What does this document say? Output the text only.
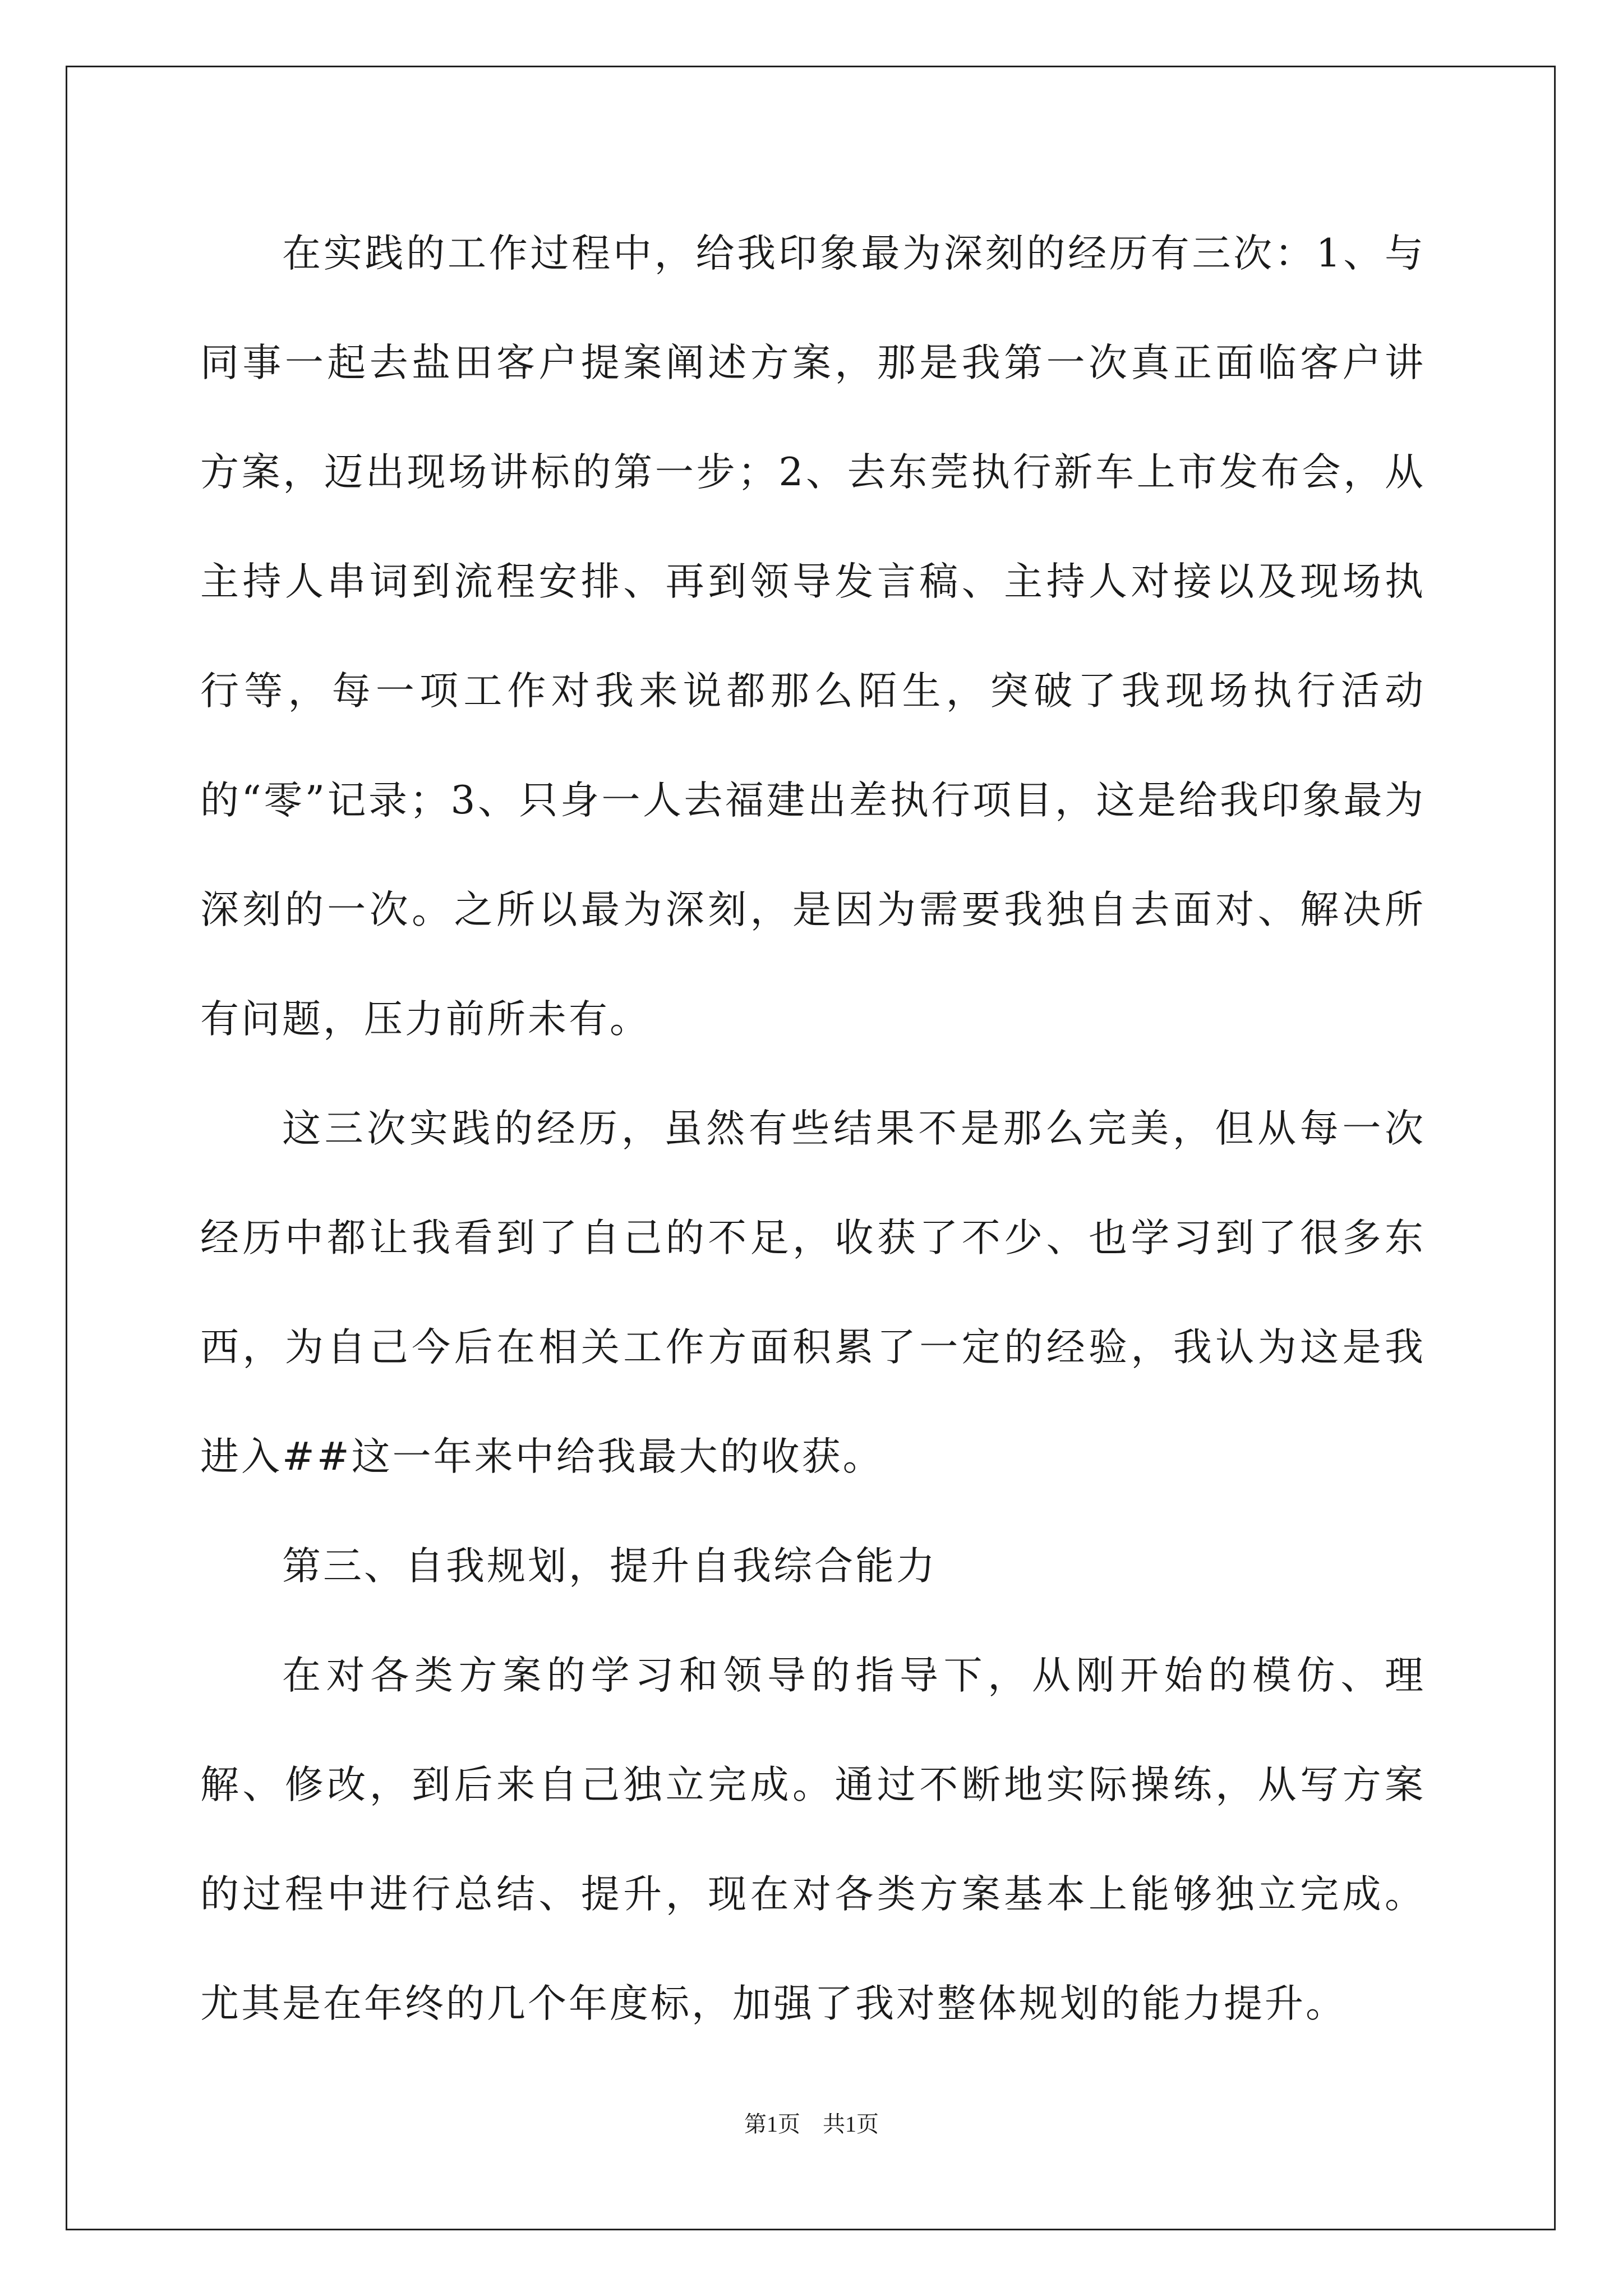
在实践的工作过程中，给我印象最为深刻的经历有三次：1、与同事一起去盐田客户提案阐述方案，那是我第一次真正面临客户讲方案，迈出现场讲标的第一步；2、去东莞执行新车上市发布会，从主持人串词到流程安排、再到领导发言稿、主持人对接以及现场执行等，每一项工作对我来说都那么陌生，突破了我现场执行活动的“零”记录；3、只身一人去福建出差执行项目，这是给我印象最为深刻的一次。之所以最为深刻，是因为需要我独自去面对、解决所有问题，压力前所未有。

这三次实践的经历，虽然有些结果不是那么完美，但从每一次经历中都让我看到了自己的不足，收获了不少、也学习到了很多东西，为自己今后在相关工作方面积累了一定的经验，我认为这是我进入##这一年来中给我最大的收获。

第三、自我规划，提升自我综合能力

在对各类方案的学习和领导的指导下，从刚开始的模仿、理解、修改，到后来自己独立完成。通过不断地实际操练，从写方案的过程中进行总结、提升，现在对各类方案基本上能够独立完成。尤其是在年终的几个年度标，加强了我对整体规划的能力提升。

第1页 共1页
